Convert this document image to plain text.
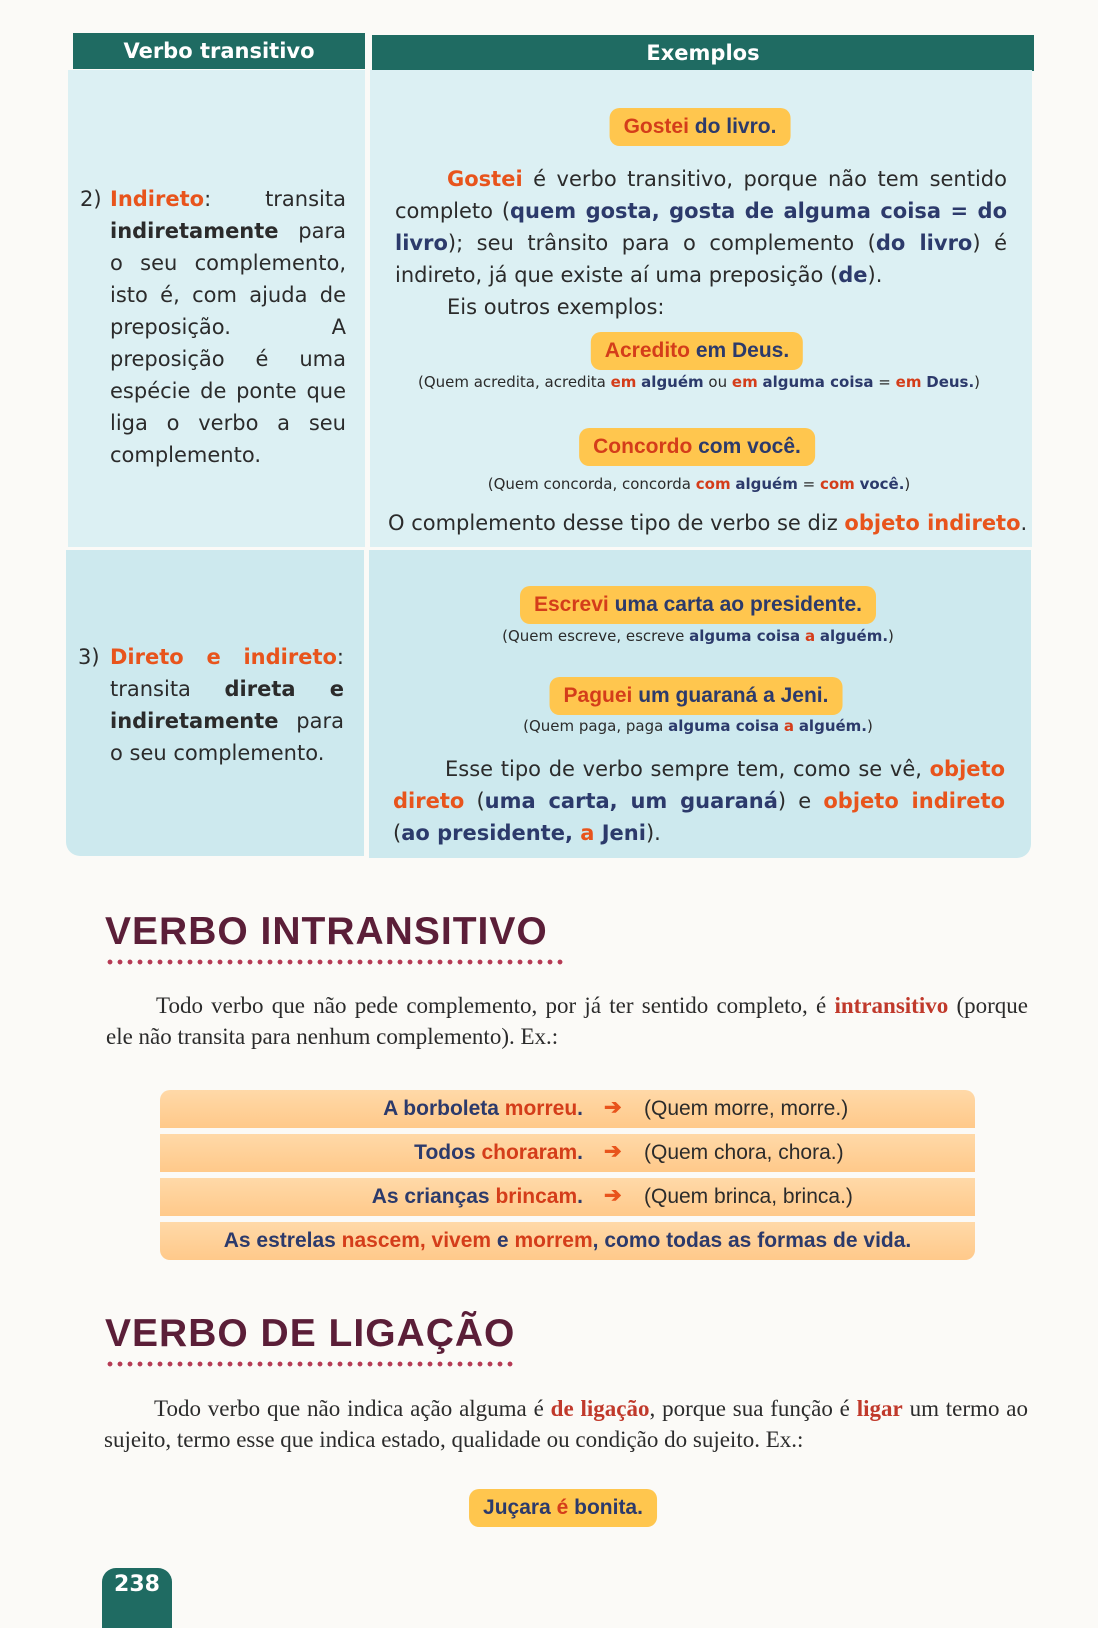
Verbo transitivo	Exemplos
2) Indireto: transita indiretamente para o seu complemento, isto é, com ajuda de preposição. A preposição é uma espécie de ponte que liga o verbo a seu complemento.
Gostei do livro.
Gostei é verbo transitivo, porque não tem sentido completo (quem gosta, gosta de alguma coisa = do livro); seu trânsito para o complemento (do livro) é indireto, já que existe aí uma preposição (de).
Eis outros exemplos:
Acredito em Deus.
(Quem acredita, acredita em alguém ou em alguma coisa = em Deus.)
Concordo com você.
(Quem concorda, concorda com alguém = com você.)
O complemento desse tipo de verbo se diz objeto indireto.
3) Direto e indireto: transita direta e indiretamente para o seu complemento.
Escrevi uma carta ao presidente.
(Quem escreve, escreve alguma coisa a alguém.)
Paguei um guaraná a Jeni.
(Quem paga, paga alguma coisa a alguém.)
Esse tipo de verbo sempre tem, como se vê, objeto direto (uma carta, um guaraná) e objeto indireto (ao presidente, a Jeni).
VERBO INTRANSITIVO
Todo verbo que não pede complemento, por já ter sentido completo, é intransitivo (porque ele não transita para nenhum complemento). Ex.:
A borboleta morreu. ➔ (Quem morre, morre.)
Todos choraram. ➔ (Quem chora, chora.)
As crianças brincam. ➔ (Quem brinca, brinca.)
As estrelas nascem, vivem e morrem, como todas as formas de vida.
VERBO DE LIGAÇÃO
Todo verbo que não indica ação alguma é de ligação, porque sua função é ligar um termo ao sujeito, termo esse que indica estado, qualidade ou condição do sujeito. Ex.:
Juçara é bonita.
238
